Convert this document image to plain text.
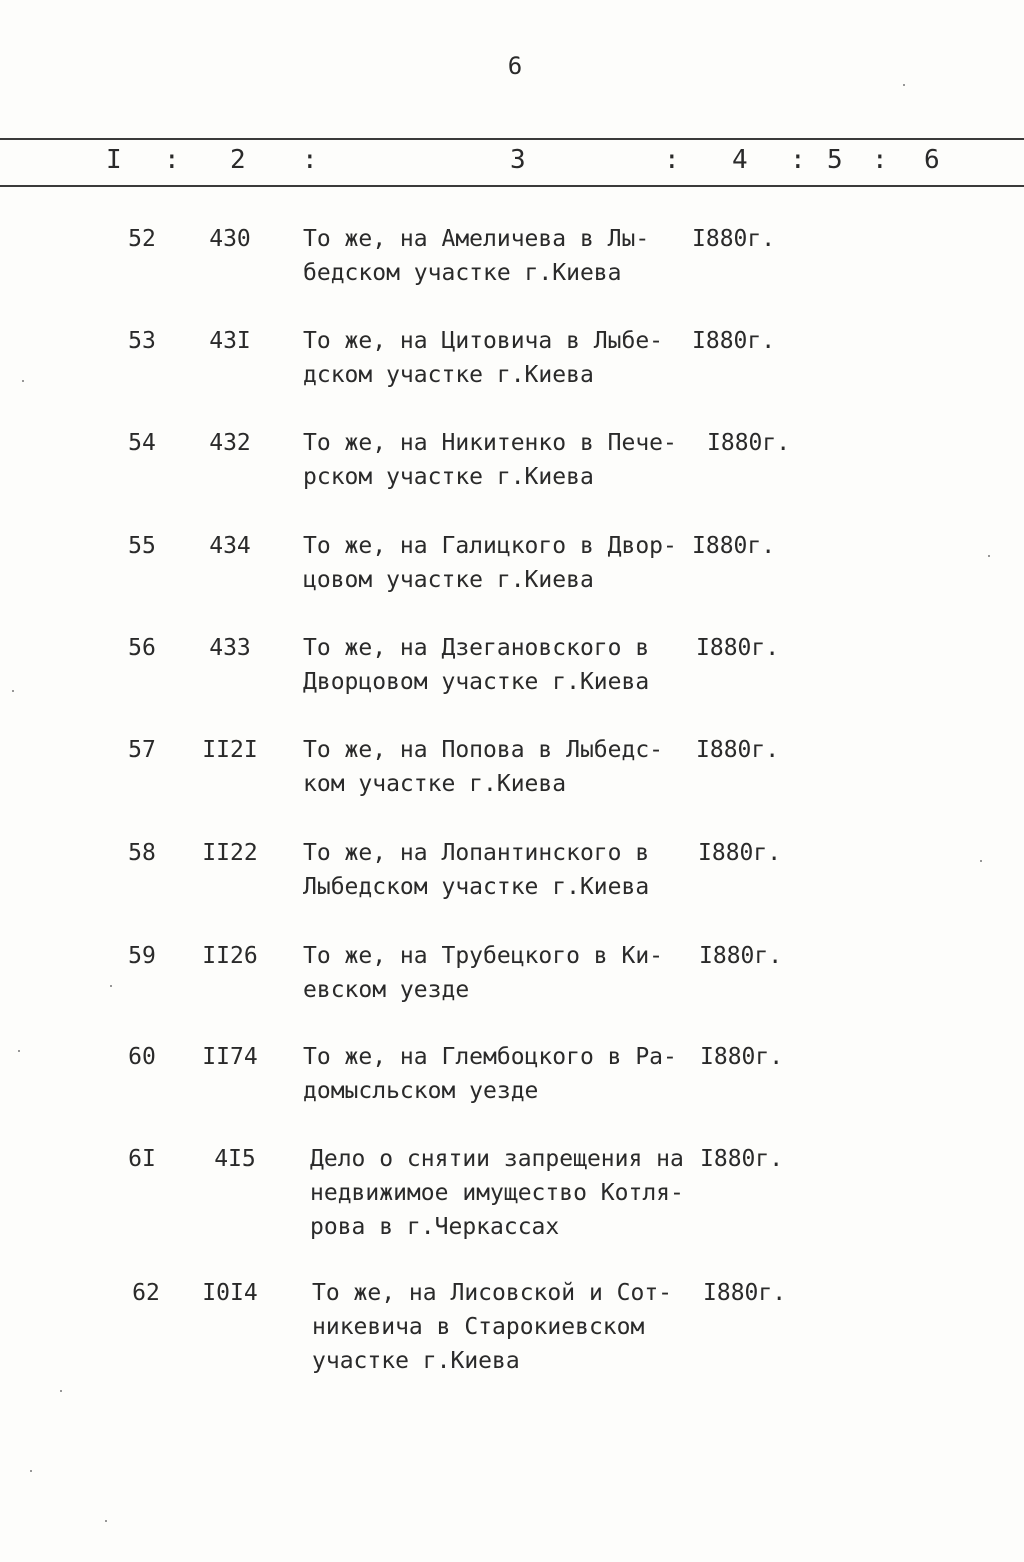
6
I : 2 :	3	: 4 : 5 : 6
52	430	То же, на Амеличева в Лы-
бедском участке г.Киева
I880г.
53	43I	То же, на Цитовича в Лыбе-
дском участке г.Киева
I880г.
54	432	То же, на Никитенко в Пече-
рском участке г.Киева
I880г.
55	434	То же, на Галицкого в Двор-
цовом участке г.Киева
I880г.
56	433	То же, на Дзегановского в
Дворцовом участке г.Киева
I880г.
57	II2I	То же, на Попова в Лыбедс-
ком участке г.Киева
I880г.
58	II22	То же, на Лопантинского в
Лыбедском участке г.Киева
I880г.
59	II26	То же, на Трубецкого в Ки-
евском уезде
I880г.
60	II74	То же, на Глембоцкого в Ра-
домысльском уезде
I880г.
6I	4I5	Дело о снятии запрещения на
недвижимое имущество Котля-
рова в г.Черкассах
I880г.
62	I0I4	То же, на Лисовской и Сот-
никевича в Старокиевском
участке г.Киева
I880г.
